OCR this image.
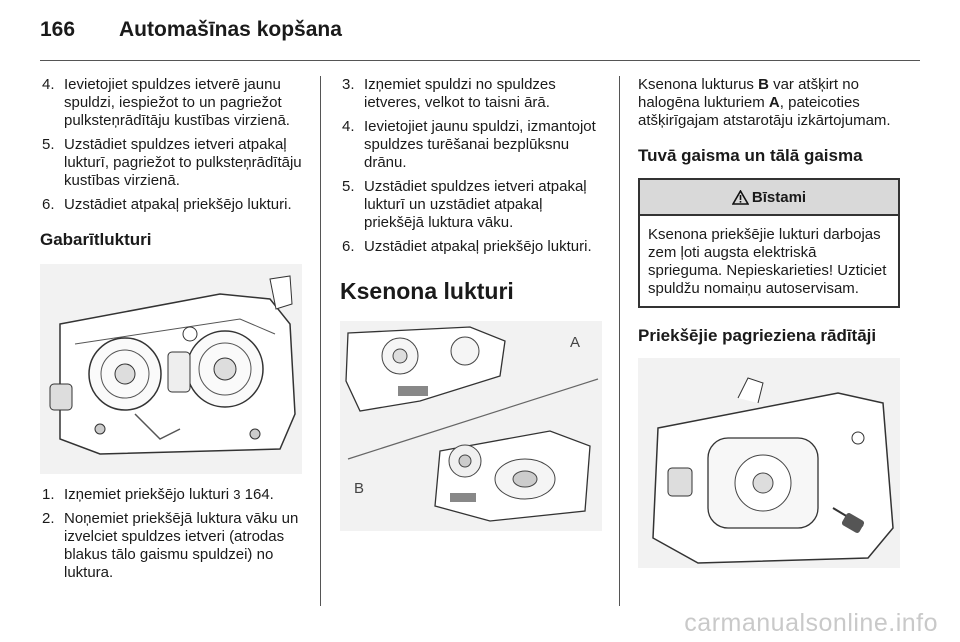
166 Automašīnas kopšana
4. Ievietojiet spuldzes ietverē jaunu spuldzi, iespiežot to un pagriežot pulksteņrādītāju kustības virzienā.
5. Uzstādiet spuldzes ietveri atpakaļ lukturī, pagriežot to pulksteņrādītāju kustības virzienā.
6. Uzstādiet atpakaļ priekšējo lukturi.
Gabarītlukturi
1. Izņemiet priekšējo lukturi 3 164.
2. Noņemiet priekšējā luktura vāku un izvelciet spuldzes ietveri (atrodas blakus tālo gaismu spuldzei) no luktura.
3. Izņemiet spuldzi no spuldzes ietveres, velkot to taisni ārā.
4. Ievietojiet jaunu spuldzi, izmantojot spuldzes turēšanai bezplūksnu drānu.
5. Uzstādiet spuldzes ietveri atpakaļ lukturī un uzstādiet atpakaļ priekšējā luktura vāku.
6. Uzstādiet atpakaļ priekšējo lukturi.
Ksenona lukturi
A
B

Ksenona lukturus B var atšķirt no halogēna lukturiem A, pateicoties atšķirīgajam atstarotāju izkārtojumam.

Tuvā gaisma un tālā gaisma
Bīstami
Ksenona priekšējie lukturi darbojas zem ļoti augsta elektriskā sprieguma. Nepieskarieties! Uzticiet spuldžu nomaiņu autoservisam.
Priekšējie pagrieziena rādītāji
carmanualsonline.info
